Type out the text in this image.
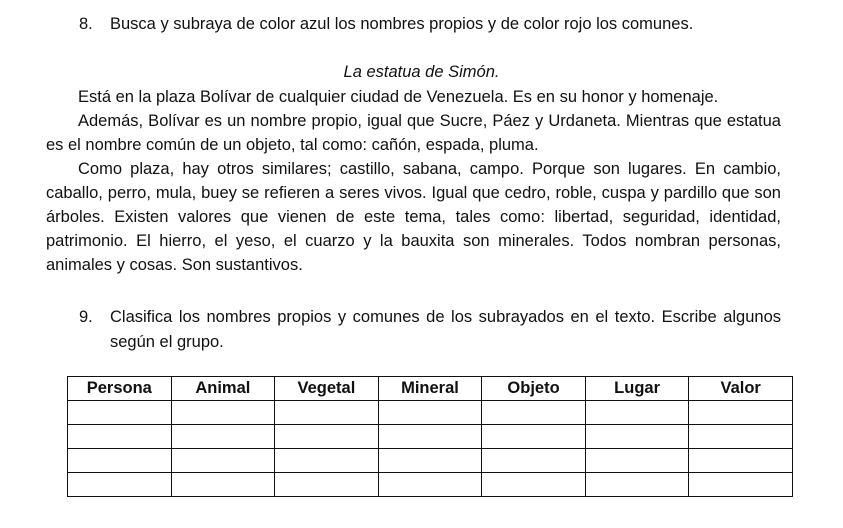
8. Busca y subraya de color azul los nombres propios y de color rojo los comunes.
La estatua de Simón.

Está en la plaza Bolívar de cualquier ciudad de Venezuela. Es en su honor y homenaje.

Además, Bolívar es un nombre propio, igual que Sucre, Páez y Urdaneta. Mientras que estatua es el nombre común de un objeto, tal como: cañón, espada, pluma.

Como plaza, hay otros similares; castillo, sabana, campo. Porque son lugares. En cambio, caballo, perro, mula, buey se refieren a seres vivos. Igual que cedro, roble, cuspa y pardillo que son árboles. Existen valores que vienen de este tema, tales como: libertad, seguridad, identidad, patrimonio. El hierro, el yeso, el cuarzo y la bauxita son minerales. Todos nombran personas, animales y cosas. Son sustantivos.

9. Clasifica los nombres propios y comunes de los subrayados en el texto. Escribe algunos según el grupo.
Persona	Animal	Vegetal	Mineral	Objeto	Lugar	Valor
